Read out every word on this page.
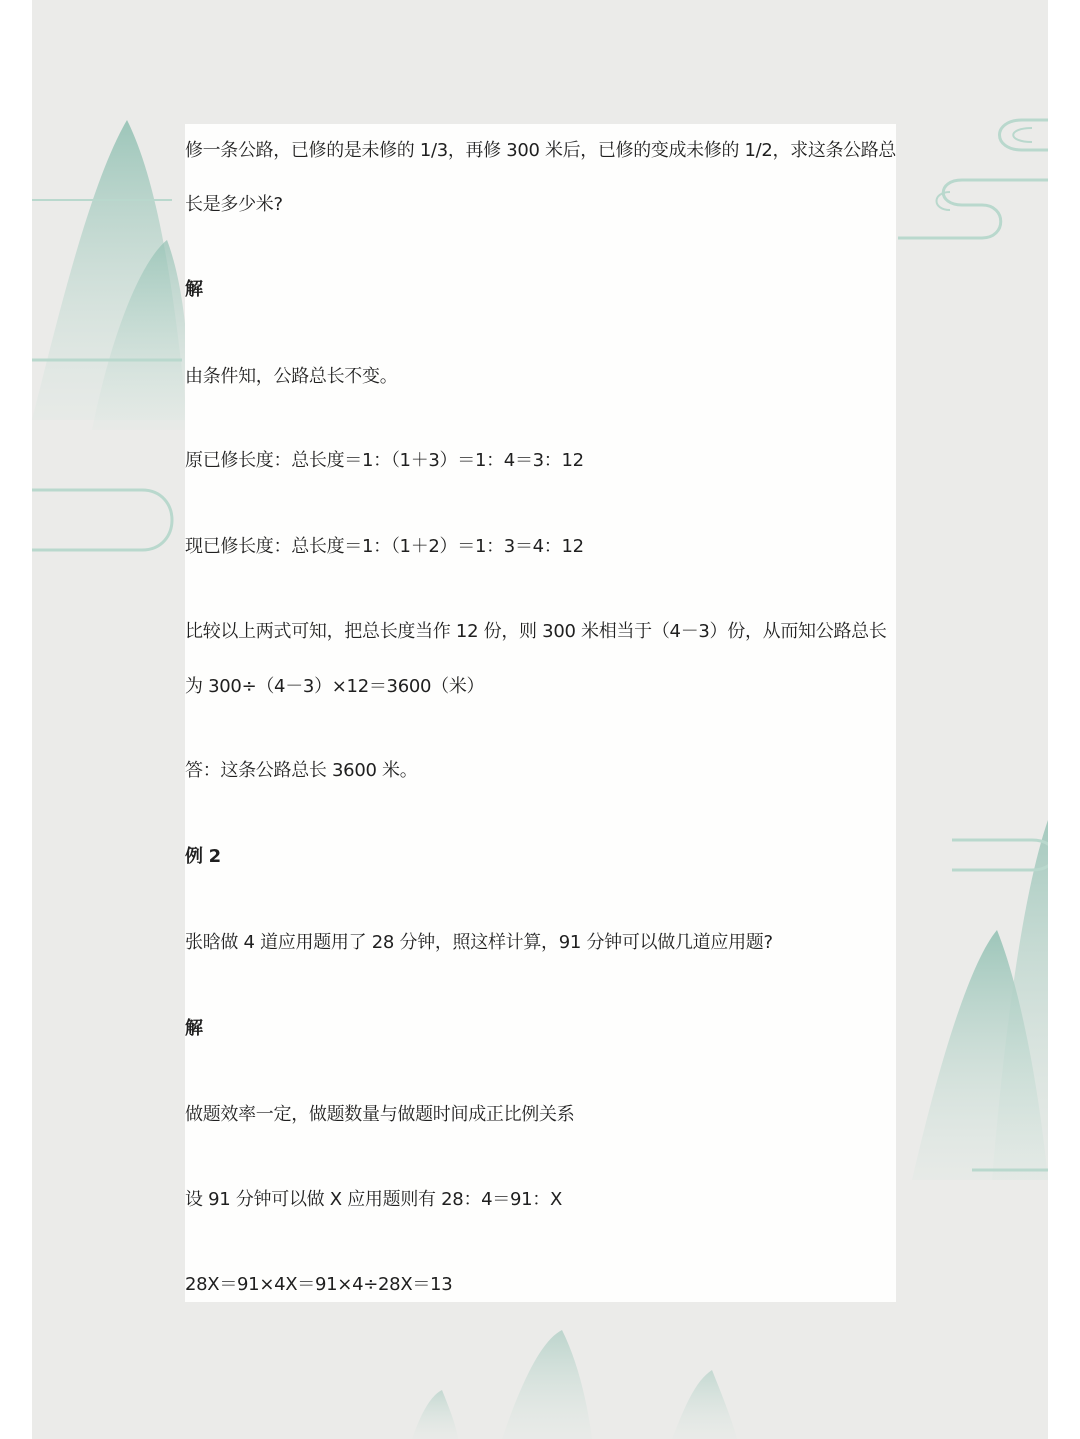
修一条公路，已修的是未修的 1/3，再修 300 米后，已修的变成未修的 1/2，求这条公路总

长是多少米?

解

由条件知，公路总长不变。

原已修长度：总长度＝1：（1＋3）＝1：4＝3：12

现已修长度：总长度＝1：（1＋2）＝1：3＝4：12

比较以上两式可知，把总长度当作 12 份，则 300 米相当于（4－3）份，从而知公路总长

为 300÷（4－3）×12＝3600（米）

答：这条公路总长 3600 米。

例 2

张晗做 4 道应用题用了 28 分钟，照这样计算，91 分钟可以做几道应用题?

解

做题效率一定，做题数量与做题时间成正比例关系

设 91 分钟可以做 X 应用题则有 28：4＝91：X

28X＝91×4X＝91×4÷28X＝13
